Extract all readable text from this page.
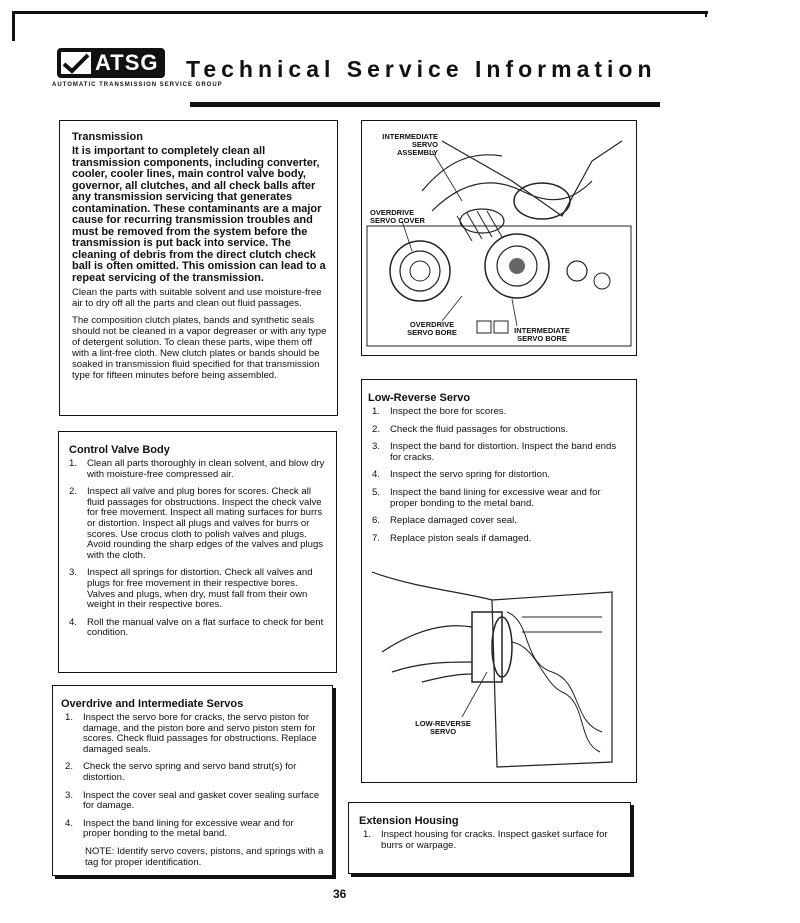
ATSG
AUTOMATIC TRANSMISSION SERVICE GROUP
Technical Service Information
Transmission
It is important to completely clean all transmission components, including converter, cooler, cooler lines, main control valve body, governor, all clutches, and all check balls after any transmission servicing that generates contamination. These contaminants are a major cause for recurring transmission troubles and must be removed from the system before the transmission is put back into service. The cleaning of debris from the direct clutch check ball is often omitted. This omission can lead to a repeat servicing of the transmission.
Clean the parts with suitable solvent and use moisture-free air to dry off all the parts and clean out fluid passages.
The composition clutch plates, bands and synthetic seals should not be cleaned in a vapor degreaser or with any type of detergent solution. To clean these parts, wipe them off with a lint-free cloth. New clutch plates or bands should be soaked in transmission fluid specified for that transmission type for fifteen minutes before being assembled.
INTERMEDIATE SERVO ASSEMBLY
OVERDRIVE SERVO COVER
OVERDRIVE SERVO BORE	INTERMEDIATE SERVO BORE
Low-Reverse Servo
1. Inspect the bore for scores.
2. Check the fluid passages for obstructions.
3. Inspect the band for distortion. Inspect the band ends for cracks.
4. Inspect the servo spring for distortion.
5. Inspect the band lining for excessive wear and for proper bonding to the metal band.
6. Replace damaged cover seal.
7. Replace piston seals if damaged.
LOW-REVERSE SERVO
Control Valve Body
1. Clean all parts thoroughly in clean solvent, and blow dry with moisture-free compressed air.
2. Inspect all valve and plug bores for scores. Check all fluid passages for obstructions. Inspect the check valve for free movement. Inspect all mating surfaces for burrs or distortion. Inspect all plugs and valves for burrs or scores. Use crocus cloth to polish valves and plugs. Avoid rounding the sharp edges of the valves and plugs with the cloth.
3. Inspect all springs for distortion. Check all valves and plugs for free movement in their respective bores. Valves and plugs, when dry, must fall from their own weight in their respective bores.
4. Roll the manual valve on a flat surface to check for bent condition.
Overdrive and Intermediate Servos
1. Inspect the servo bore for cracks, the servo piston for damage, and the piston bore and servo piston stem for scores. Check fluid passages for obstructions. Replace damaged seals.
2. Check the servo spring and servo band strut(s) for distortion.
3. Inspect the cover seal and gasket cover sealing surface for damage.
4. Inspect the band lining for excessive wear and for proper bonding to the metal band.
NOTE: Identify servo covers, pistons, and springs with a tag for proper identification.
Extension Housing
1. Inspect housing for cracks. Inspect gasket surface for burrs or warpage.
36
